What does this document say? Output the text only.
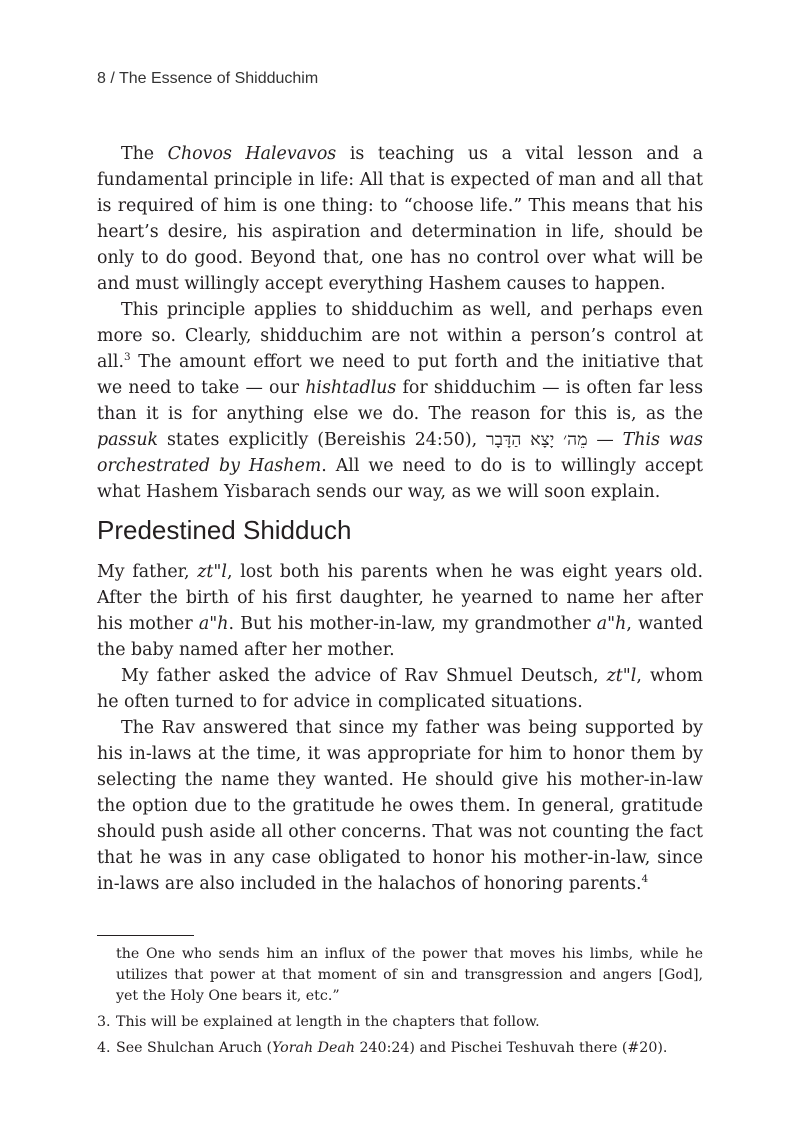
8 / The Essence of Shidduchim

The Chovos Halevavos is teaching us a vital lesson and a fundamental principle in life: All that is expected of man and all that is required of him is one thing: to “choose life.” This means that his heart’s desire, his aspiration and determination in life, should be only to do good. Beyond that, one has no control over what will be and must willingly accept everything Hashem causes to happen.

This principle applies to shidduchim as well, and perhaps even more so. Clearly, shidduchim are not within a person’s control at all.$^3$ The amount effort we need to put forth and the initiative that we need to take — our hishtadlus for shidduchim — is often far less than it is for anything else we do. The reason for this is, as the passuk states explicitly (Bereishis 24:50), מֵה׳ יָצָא הַדָּבָר — This was orchestrated by Hashem. All we need to do is to willingly accept what Hashem Yisbarach sends our way, as we will soon explain.

Predestined Shidduch

My father, zt"l, lost both his parents when he was eight years old. After the birth of his first daughter, he yearned to name her after his mother a"h. But his mother-in-law, my grandmother a"h, wanted the baby named after her mother.

My father asked the advice of Rav Shmuel Deutsch, zt"l, whom he often turned to for advice in complicated situations.

The Rav answered that since my father was being supported by his in-laws at the time, it was appropriate for him to honor them by selecting the name they wanted. He should give his mother-in-law the option due to the gratitude he owes them. In general, gratitude should push aside all other concerns. That was not counting the fact that he was in any case obligated to honor his mother-in-law, since in-laws are also included in the halachos of honoring parents.$^4$

the One who sends him an influx of the power that moves his limbs, while he utilizes that power at that moment of sin and transgression and angers [God], yet the Holy One bears it, etc.”

3. This will be explained at length in the chapters that follow.

4. See Shulchan Aruch (Yorah Deah 240:24) and Pischei Teshuvah there (#20).
